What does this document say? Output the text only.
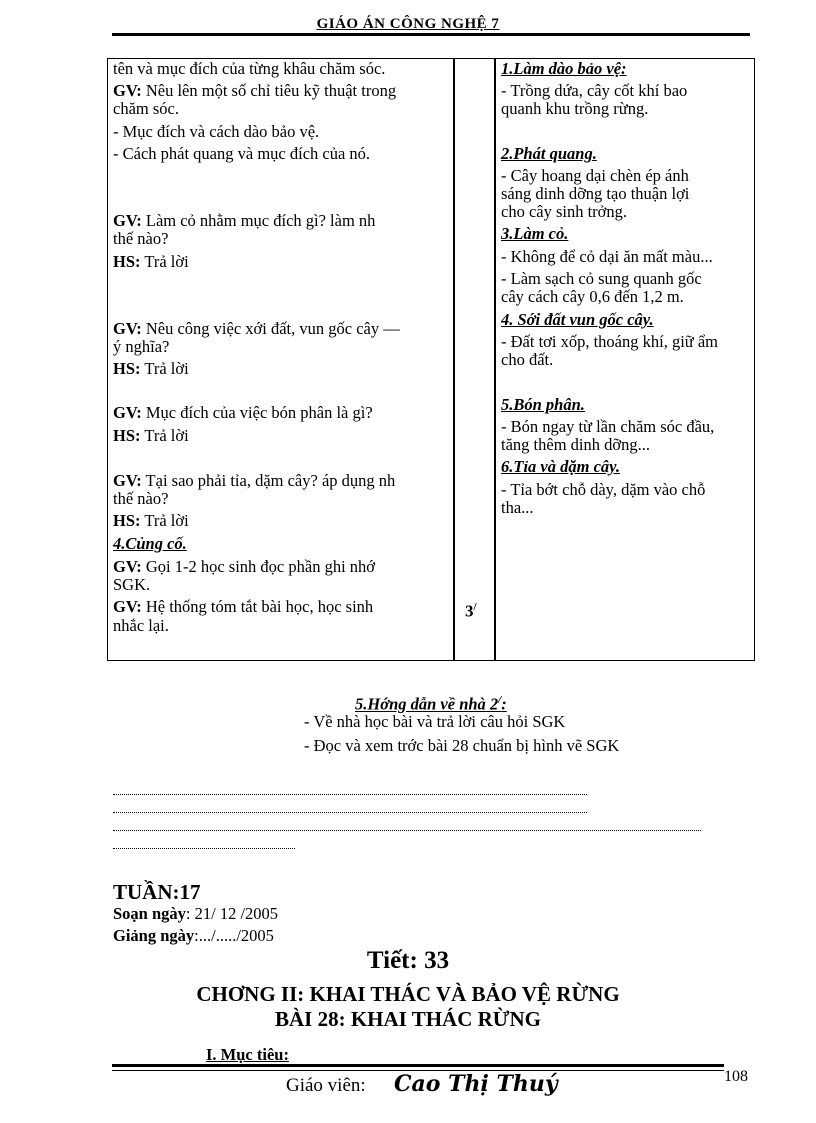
GIÁO ÁN CÔNG NGHỆ 7
tên và mục đích của từng khâu chăm sóc.
GV: Nêu lên một số chỉ tiêu kỹ thuật trong
chăm sóc.
- Mục đích và cách dào bảo vệ.
- Cách phát quang và mục đích của nó.
GV: Làm cỏ nhằm mục đích gì? làm nh
thế nào?
HS: Trả lời
GV: Nêu công việc xới đất, vun gốc cây —
ý nghĩa?
HS: Trả lời
GV: Mục đích của việc bón phân là gì?
HS: Trả lời
GV: Tại sao phải tỉa, dặm cây? áp dụng nh
thế nào?
HS: Trả lời
4.Củng cố.
GV: Gọi 1-2 học sinh đọc phần ghi nhớ
SGK.
GV: Hệ thống tóm tắt bài học, học sinh
nhắc lại.
3/
1.Làm dào bảo vệ:
- Trồng dứa, cây cốt khí bao
quanh khu trồng rừng.
2.Phát quang.
- Cây hoang dại chèn ép ánh
sáng dinh dỡng tạo thuận lợi
cho cây sinh trởng.
3.Làm cỏ.
- Không để cỏ dại ăn mất màu...
- Làm sạch cỏ sung quanh gốc
cây cách cây 0,6 đến 1,2 m.
4. Sới đất vun gốc cây.
- Đất tơi xốp, thoáng khí, giữ ẩm
cho đất.
5.Bón phân.
- Bón ngay từ lần chăm sóc đầu,
tăng thêm dinh dỡng...
6.Tỉa và dặm cây.
- Tỉa bớt chỗ dày, dặm vào chỗ
tha...
5.Hớng dẫn về nhà 2/:
- Về nhà học bài và trả lời câu hỏi SGK
- Đọc và xem trớc bài 28 chuẩn bị hình vẽ SGK
TUẦN:17
Soạn ngày: 21/ 12 /2005
Giảng ngày:.../...../2005
Tiết: 33
CHƠNG II: KHAI THÁC VÀ BẢO VỆ RỪNG
BÀI 28: KHAI THÁC RỪNG
I. Mục tiêu:
Giáo viên: Cao Thị Thuý	108
